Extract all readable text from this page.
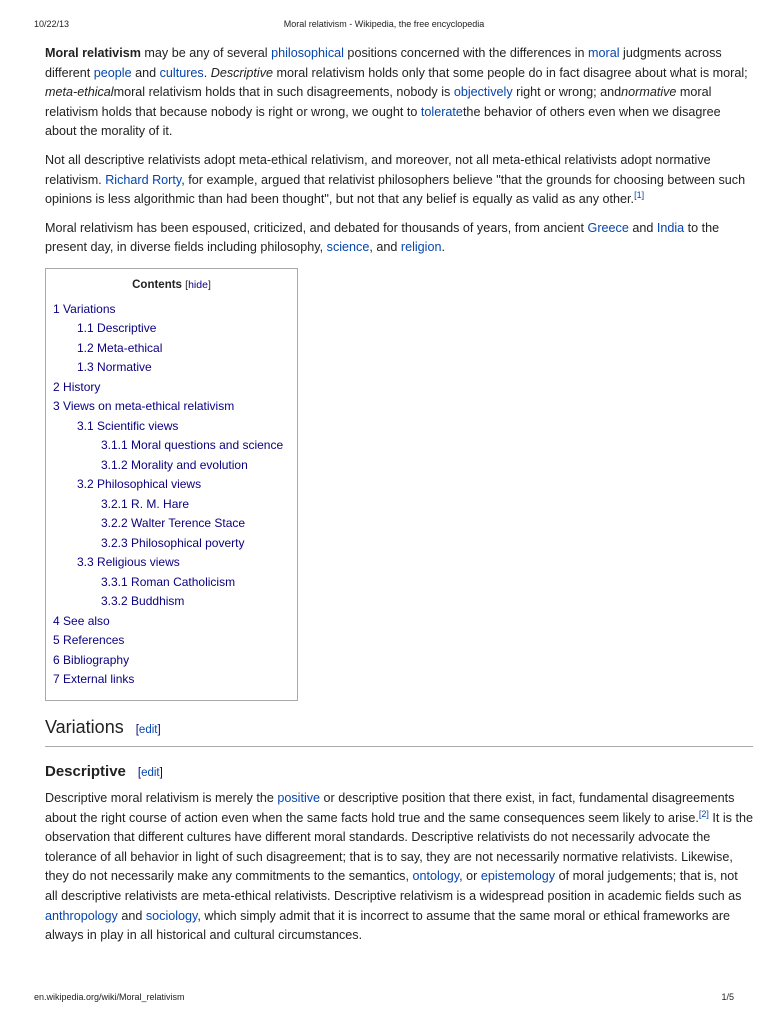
10/22/13	Moral relativism - Wikipedia, the free encyclopedia

Moral relativism may be any of several philosophical positions concerned with the differences in moral judgments across different people and cultures. Descriptive moral relativism holds only that some people do in fact disagree about what is moral; meta-ethicalmoral relativism holds that in such disagreements, nobody is objectively right or wrong; andnormative moral relativism holds that because nobody is right or wrong, we ought to toleratethe behavior of others even when we disagree about the morality of it.

Not all descriptive relativists adopt meta-ethical relativism, and moreover, not all meta-ethical relativists adopt normative relativism. Richard Rorty, for example, argued that relativist philosophers believe "that the grounds for choosing between such opinions is less algorithmic than had been thought", but not that any belief is equally as valid as any other.[1]

Moral relativism has been espoused, criticized, and debated for thousands of years, from ancient Greece and India to the present day, in diverse fields including philosophy, science, and religion.

Contents [hide]
1 Variations
1.1 Descriptive
1.2 Meta-ethical
1.3 Normative
2 History
3 Views on meta-ethical relativism
3.1 Scientific views
3.1.1 Moral questions and science
3.1.2 Morality and evolution
3.2 Philosophical views
3.2.1 R. M. Hare
3.2.2 Walter Terence Stace
3.2.3 Philosophical poverty
3.3 Religious views
3.3.1 Roman Catholicism
3.3.2 Buddhism
4 See also
5 References
6 Bibliography
7 External links
Variations [edit]
Descriptive [edit]

Descriptive moral relativism is merely the positive or descriptive position that there exist, in fact, fundamental disagreements about the right course of action even when the same facts hold true and the same consequences seem likely to arise.[2] It is the observation that different cultures have different moral standards. Descriptive relativists do not necessarily advocate the tolerance of all behavior in light of such disagreement; that is to say, they are not necessarily normative relativists. Likewise, they do not necessarily make any commitments to the semantics, ontology, or epistemology of moral judgements; that is, not all descriptive relativists are meta-ethical relativists. Descriptive relativism is a widespread position in academic fields such as anthropology and sociology, which simply admit that it is incorrect to assume that the same moral or ethical frameworks are always in play in all historical and cultural circumstances.

en.wikipedia.org/wiki/Moral_relativism	1/5
